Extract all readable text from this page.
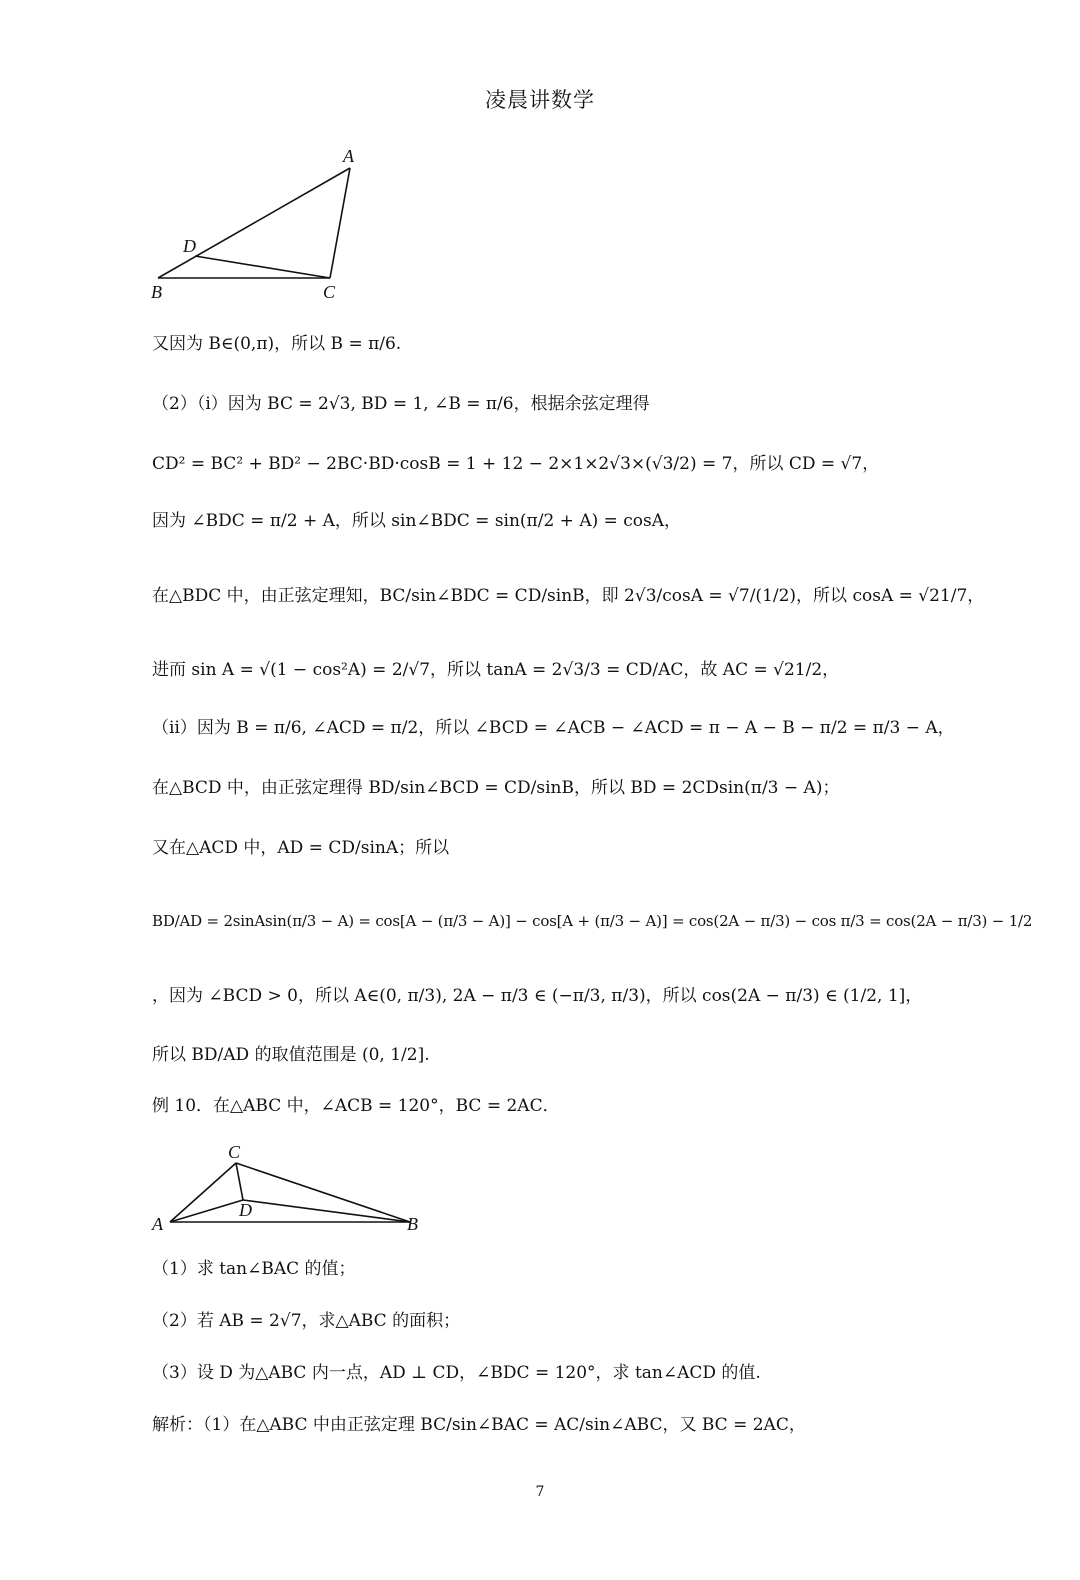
凌晨讲数学
A
D
B	C
又因为 B∈(0,π)，所以 B = π/6.
（2）（ⅰ）因为 BC = 2√3, BD = 1, ∠B = π/6，根据余弦定理得
CD² = BC² + BD² − 2BC·BD·cosB = 1 + 12 − 2×1×2√3×(√3/2) = 7，所以 CD = √7，
因为 ∠BDC = π/2 + A，所以 sin∠BDC = sin(π/2 + A) = cosA，
在△BDC 中，由正弦定理知，BC/sin∠BDC = CD/sinB，即 2√3/cosA = √7/(1/2)，所以 cosA = √21/7，
进而 sin A = √(1 − cos²A) = 2/√7，所以 tanA = 2√3/3 = CD/AC，故 AC = √21/2，
（ⅱ）因为 B = π/6, ∠ACD = π/2，所以 ∠BCD = ∠ACB − ∠ACD = π − A − B − π/2 = π/3 − A，
在△BCD 中，由正弦定理得 BD/sin∠BCD = CD/sinB，所以 BD = 2CDsin(π/3 − A)；
又在△ACD 中，AD = CD/sinA；所以
BD/AD = 2sinAsin(π/3 − A) = cos[A − (π/3 − A)] − cos[A + (π/3 − A)] = cos(2A − π/3) − cos π/3 = cos(2A − π/3) − 1/2
，因为 ∠BCD > 0，所以 A∈(0, π/3), 2A − π/3 ∈ (−π/3, π/3)，所以 cos(2A − π/3) ∈ (1/2, 1]，
所以 BD/AD 的取值范围是 (0, 1/2].
例 10．在△ABC 中，∠ACB = 120°，BC = 2AC．
C
D
A	B
（1）求 tan∠BAC 的值；
（2）若 AB = 2√7，求△ABC 的面积；
（3）设 D 为△ABC 内一点，AD ⊥ CD，∠BDC = 120°，求 tan∠ACD 的值.
解析：（1）在△ABC 中由正弦定理 BC/sin∠BAC = AC/sin∠ABC，又 BC = 2AC，
7
